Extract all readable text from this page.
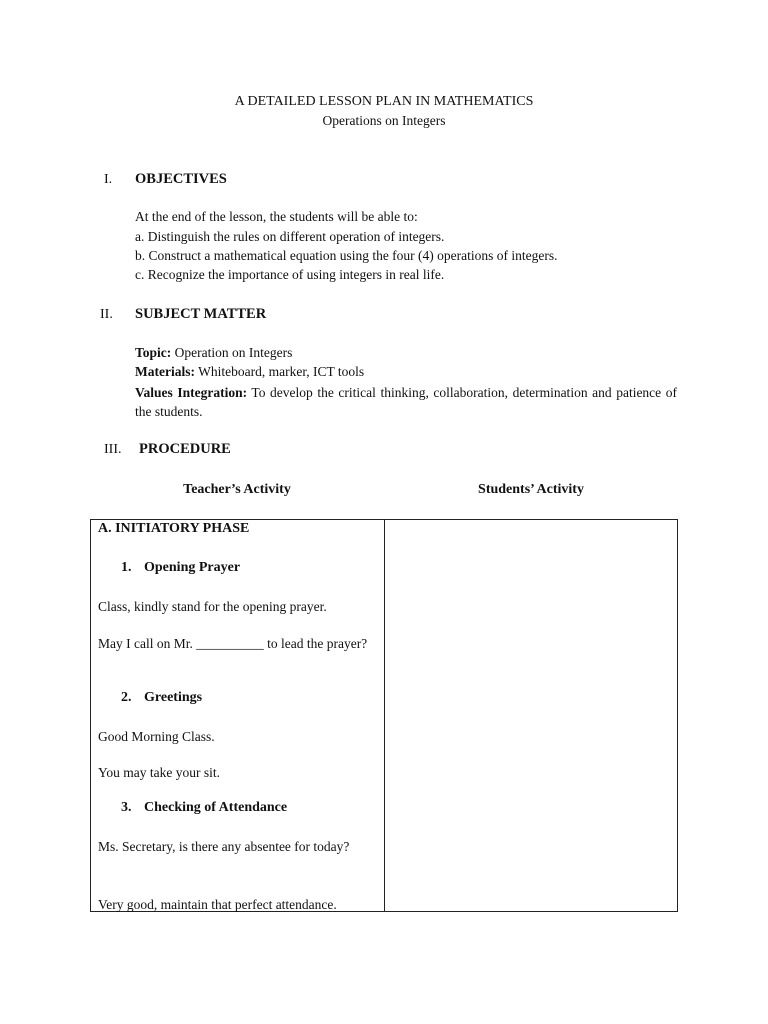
A DETAILED LESSON PLAN IN MATHEMATICS
Operations on Integers
I. OBJECTIVES
At the end of the lesson, the students will be able to:
a. Distinguish the rules on different operation of integers.
b. Construct a mathematical equation using the four (4) operations of integers.
c. Recognize the importance of using integers in real life.
II. SUBJECT MATTER
Topic: Operation on Integers
Materials: Whiteboard, marker, ICT tools
Values Integration: To develop the critical thinking, collaboration, determination and patience of the students.
III. PROCEDURE
Teacher’s Activity	Students’ Activity
A. INITIATORY PHASE
1. Opening Prayer
Class, kindly stand for the opening prayer.
May I call on Mr. __________ to lead the prayer?
2. Greetings
Good Morning Class.
You may take your sit.
3. Checking of Attendance
Ms. Secretary, is there any absentee for today?
Very good, maintain that perfect attendance.
